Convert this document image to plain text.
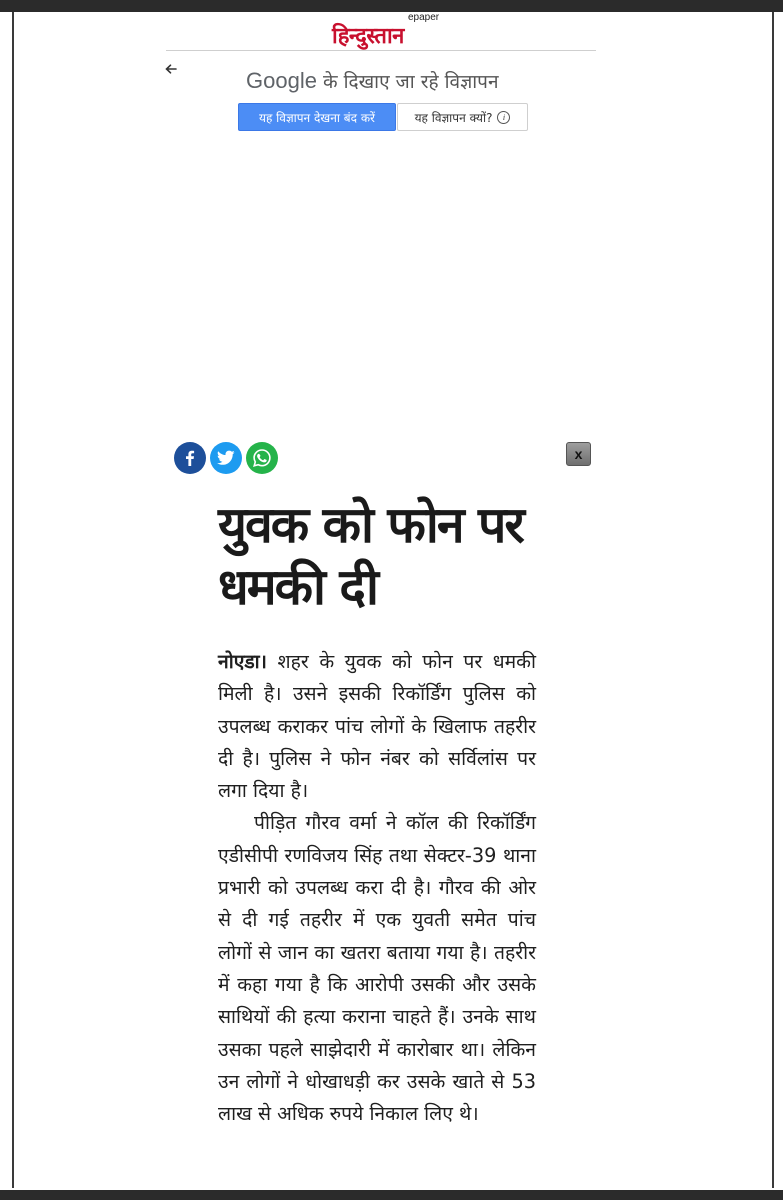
epaper
हिन्दुस्तान
Google के दिखाए जा रहे विज्ञापन
यह विज्ञापन देखना बंद करें	यह विज्ञापन क्यों?	i
x
युवक को फोन पर धमकी दी

नोएडा। शहर के युवक को फोन पर धमकी मिली है। उसने इसकी रिकॉर्डिंग पुलिस को उपलब्ध कराकर पांच लोगों के खिलाफ तहरीर दी है। पुलिस ने फोन नंबर को सर्विलांस पर लगा दिया है।

पीड़ित गौरव वर्मा ने कॉल की रिकॉर्डिंग एडीसीपी रणविजय सिंह तथा सेक्टर-39 थाना प्रभारी को उपलब्ध करा दी है। गौरव की ओर से दी गई तहरीर में एक युवती समेत पांच लोगों से जान का खतरा बताया गया है। तहरीर में कहा गया है कि आरोपी उसकी और उसके साथियों की हत्या कराना चाहते हैं। उनके साथ उसका पहले साझेदारी में कारोबार था। लेकिन उन लोगों ने धोखाधड़ी कर उसके खाते से 53 लाख से अधिक रुपये निकाल लिए थे।
